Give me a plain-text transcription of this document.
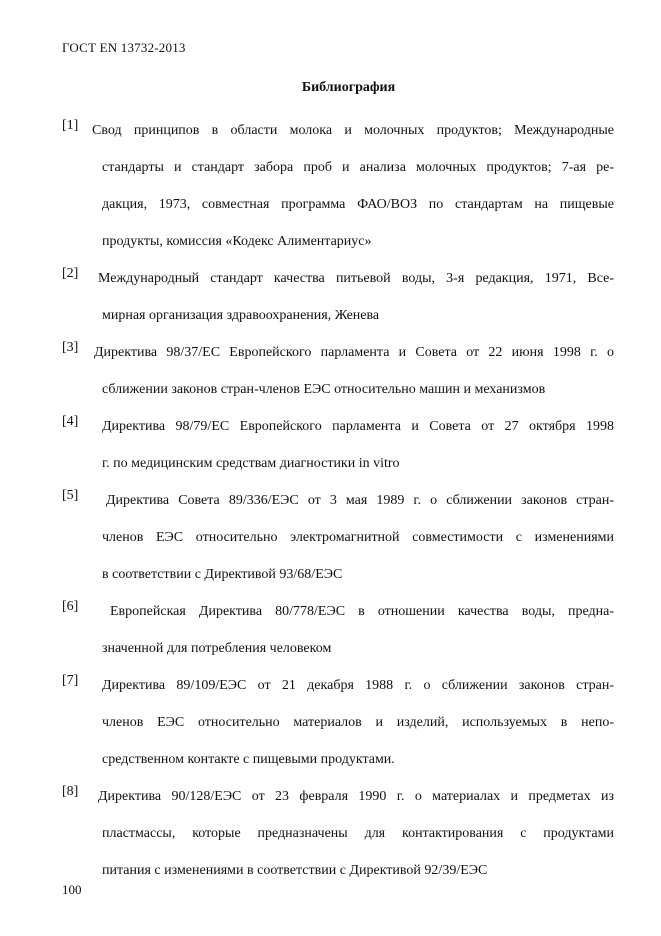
ГОСТ EN 13732-2013
Библиография
[1] Свод принципов в области молока и молочных продуктов; Международные
стандарты и стандарт забора проб и анализа молочных продуктов; 7-ая ре-
дакция, 1973, совместная программа ФАО/ВОЗ по стандартам на пищевые
продукты, комиссия «Кодекс Алиментариус»
[2]	Международный стандарт качества питьевой воды, 3-я редакция, 1971, Все-
мирная организация здравоохранения, Женева
[3]	Директива 98/37/ЕС Европейского парламента и Совета от 22 июня 1998 г. о
сближении законов стран-членов ЕЭС относительно машин и механизмов
[4]	Директива 98/79/ЕС Европейского парламента и Совета от 27 октября 1998
г. по медицинским средствам диагностики in vitro
[5]	Директива Совета 89/336/ЕЭС от 3 мая 1989 г. о сближении законов стран-
членов ЕЭС относительно электромагнитной совместимости с изменениями
в соответствии с Директивой 93/68/ЕЭС
[6]	Европейская Директива 80/778/ЕЭС в отношении качества воды, предна-
значенной для потребления человеком
[7]	Директива 89/109/ЕЭС от 21 декабря 1988 г. о сближении законов стран-
членов ЕЭС относительно материалов и изделий, используемых в непо-
средственном контакте с пищевыми продуктами.
[8]	Директива 90/128/ЕЭС от 23 февраля 1990 г. о материалах и предметах из
пластмассы, которые предназначены для контактирования с продуктами
питания с изменениями в соответствии с Директивой 92/39/ЕЭС
100
